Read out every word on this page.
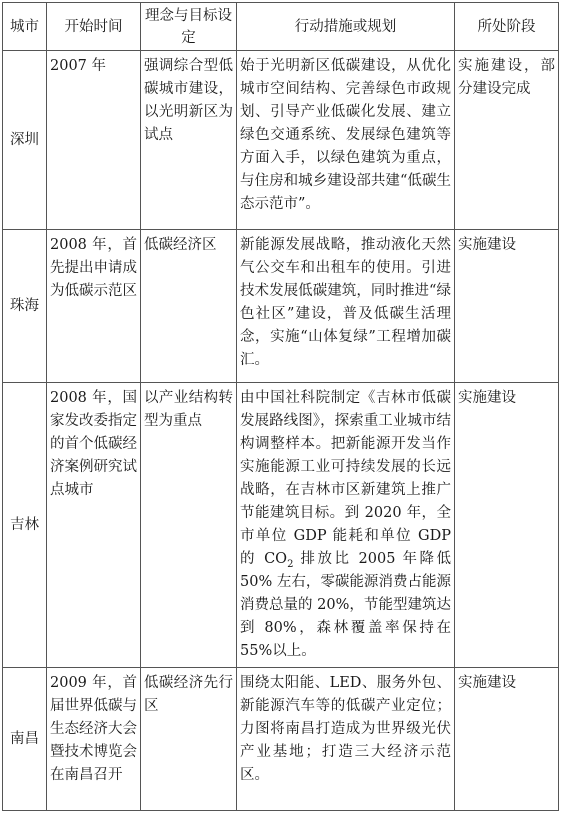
城市	开始时间	理念与目标设定	行动措施或规划	所处阶段
深圳	2007 年	强调综合型低碳城市建设，以光明新区为试点	始于光明新区低碳建设，从优化城市空间结构、完善绿色市政规划、引导产业低碳化发展、建立绿色交通系统、发展绿色建筑等方面入手，以绿色建筑为重点，与住房和城乡建设部共建“低碳生态示范市”。	实施建设，部分建设完成
珠海	2008 年，首先提出申请成为低碳示范区	低碳经济区	新能源发展战略，推动液化天然气公交车和出租车的使用。引进技术发展低碳建筑，同时推进“绿色社区”建设，普及低碳生活理念，实施“山体复绿”工程增加碳汇。	实施建设
吉林	2008 年，国家发改委指定的首个低碳经济案例研究试点城市	以产业结构转型为重点	由中国社科院制定《吉林市低碳发展路线图》，探索重工业城市结构调整样本。把新能源开发当作实施能源工业可持续发展的长远战略，在吉林市区新建筑上推广节能建筑目标。到 2020 年，全市单位 GDP 能耗和单位 GDP 的 $CO_2$ 排放比 2005 年降低 50% 左右，零碳能源消费占能源消费总量的 20%，节能型建筑达到 80%，森林覆盖率保持在 55%以上。	实施建设
南昌	2009 年，首届世界低碳与生态经济大会暨技术博览会在南昌召开	低碳经济先行区	围绕太阳能、LED、服务外包、新能源汽车等的低碳产业定位；力图将南昌打造成为世界级光伏产业基地；打造三大经济示范区。	实施建设
